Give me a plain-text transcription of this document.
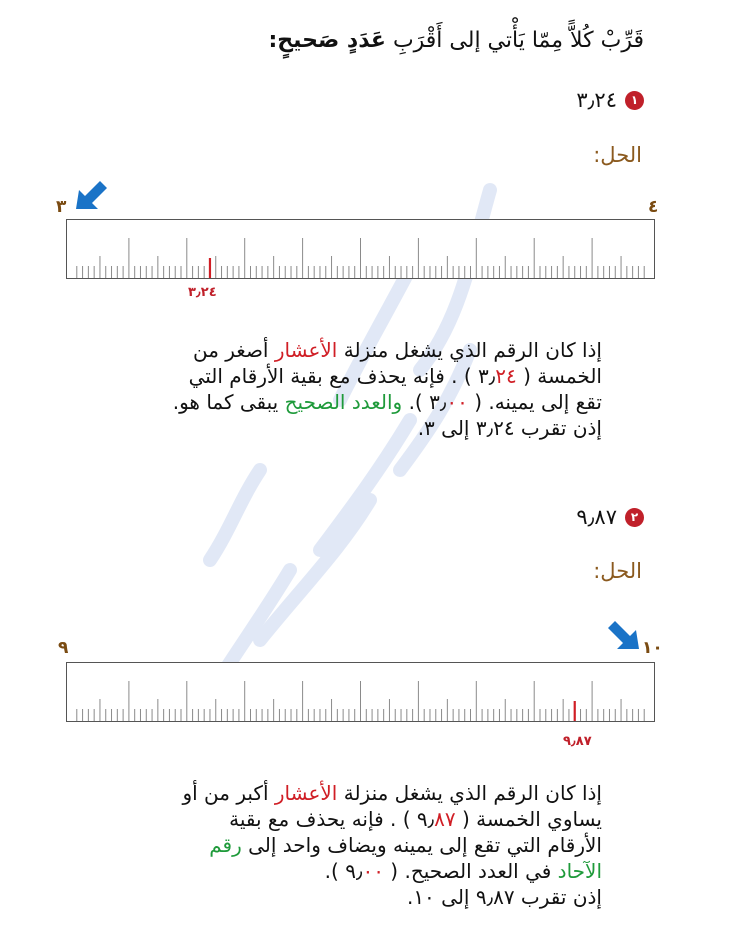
قَرِّبْ كُلاًّ مِمّا يَأْتي إلى أَقْرَبِ عَدَدٍ صَحيحٍ:
١
٣٫٢٤
الحل:
٣	٤
٣٫٢٤

إذا كان الرقم الذي يشغل منزلة الأعشار أصغر من

الخمسة ( ٣٫٢٤ ) . فإنه يحذف مع بقية الأرقام التي

تقع إلى يمينه. ( ٣٫٠٠ ). والعدد الصحيح يبقى كما هو.

إذن تقرب ٣٫٢٤ إلى ٣.

٢
٩٫٨٧
الحل:
٩	١٠
٩٫٨٧

إذا كان الرقم الذي يشغل منزلة الأعشار أكبر من أو

يساوي الخمسة ( ٩٫٨٧ ) . فإنه يحذف مع بقية

الأرقام التي تقع إلى يمينه ويضاف واحد إلى رقم

الآحاد في العدد الصحيح. ( ٩٫٠٠ ).

إذن تقرب ٩٫٨٧ إلى ١٠.
